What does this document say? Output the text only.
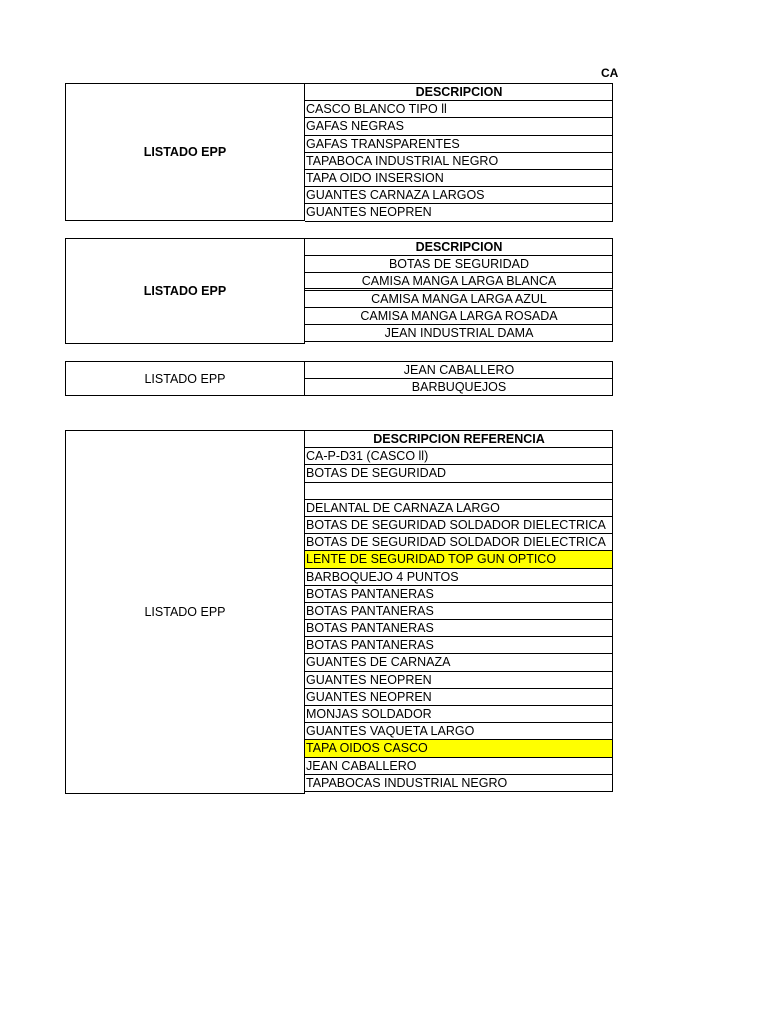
CA
LISTADO EPP
DESCRIPCION
CASCO BLANCO TIPO ll
GAFAS NEGRAS
GAFAS TRANSPARENTES
TAPABOCA INDUSTRIAL NEGRO
TAPA OIDO INSERSION
GUANTES CARNAZA LARGOS
GUANTES NEOPREN
LISTADO EPP
DESCRIPCION
BOTAS DE SEGURIDAD
CAMISA MANGA LARGA BLANCA
CAMISA MANGA LARGA AZUL
CAMISA MANGA LARGA ROSADA
JEAN INDUSTRIAL DAMA
LISTADO EPP
JEAN CABALLERO
BARBUQUEJOS
LISTADO EPP
DESCRIPCION REFERENCIA
CA-P-D31 (CASCO ll)
BOTAS DE SEGURIDAD
DELANTAL DE CARNAZA LARGO
BOTAS DE SEGURIDAD SOLDADOR DIELECTRICA
BOTAS DE SEGURIDAD SOLDADOR DIELECTRICA
LENTE DE SEGURIDAD TOP GUN OPTICO
BARBOQUEJO 4 PUNTOS
BOTAS PANTANERAS
BOTAS PANTANERAS
BOTAS PANTANERAS
BOTAS PANTANERAS
GUANTES DE CARNAZA
GUANTES NEOPREN
GUANTES NEOPREN
MONJAS SOLDADOR
GUANTES VAQUETA LARGO
TAPA OIDOS CASCO
JEAN CABALLERO
TAPABOCAS INDUSTRIAL NEGRO
